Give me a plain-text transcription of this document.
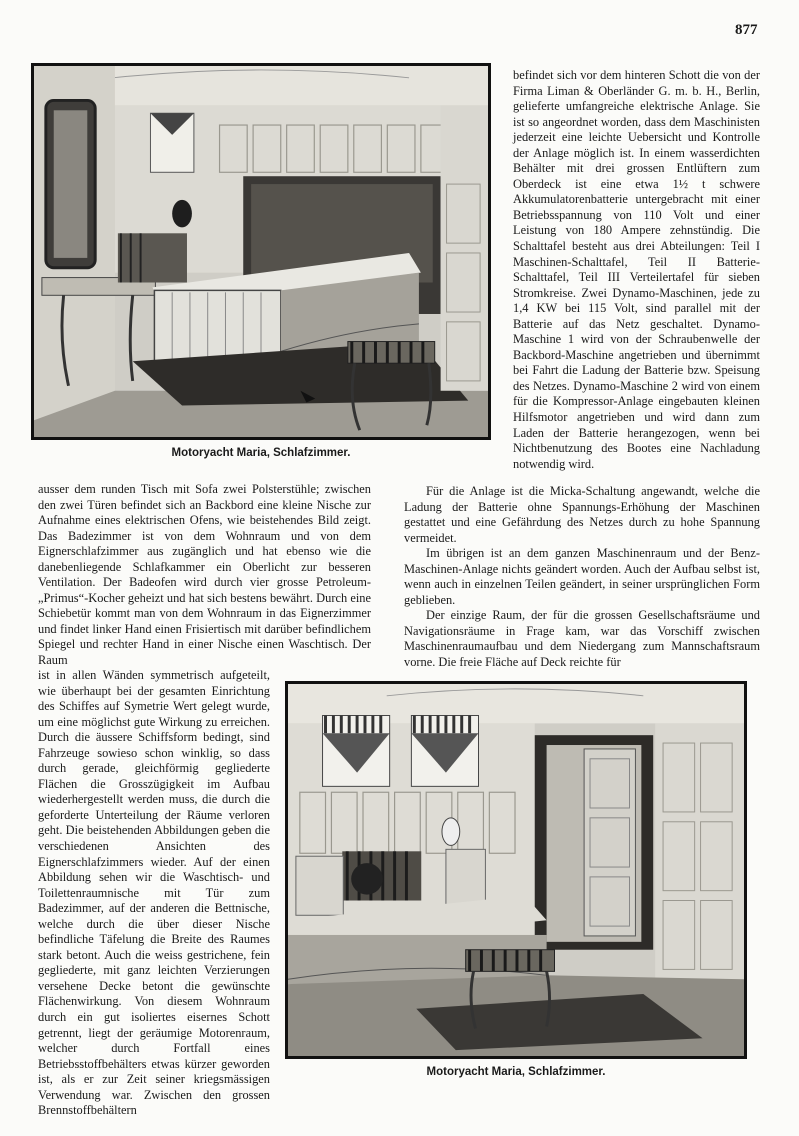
877
Motoryacht Maria, Schlafzimmer.

befindet sich vor dem hinteren Schott die von der Firma Liman & Oberländer G. m. b. H., Berlin, gelieferte umfangreiche elektrische Anlage. Sie ist so angeordnet worden, dass dem Maschinisten jederzeit eine leichte Uebersicht und Kontrolle der Anlage möglich ist. In einem wasserdichten Behälter mit drei grossen Entlüftern zum Oberdeck ist eine etwa 1½ t schwere Akkumulatorenbatterie untergebracht mit einer Betriebsspannung von 110 Volt und einer Leistung von 180 Ampere zehnstündig. Die Schalttafel besteht aus drei Abteilungen: Teil I Maschinen-Schalttafel, Teil II Batterie-Schalttafel, Teil III Verteilertafel für sieben Stromkreise. Zwei Dynamo-Maschinen, jede zu 1,4 KW bei 115 Volt, sind parallel mit der Batterie auf das Netz geschaltet. Dynamo-Maschine 1 wird von der Schraubenwelle der Backbord-Maschine angetrieben und übernimmt bei Fahrt die Ladung der Batterie bzw. Speisung des Netzes. Dynamo-Maschine 2 wird von einem für die Kompressor-Anlage eingebauten kleinen Hilfsmotor angetrieben und wird dann zum Laden der Batterie herangezogen, wenn bei Nichtbenutzung des Bootes eine Nachladung notwendig wird.

Für die Anlage ist die Micka-Schaltung angewandt, welche die Ladung der Batterie ohne Spannungs-Erhöhung der Maschinen gestattet und eine Gefährdung des Netzes durch zu hohe Spannung vermeidet.

Im übrigen ist an dem ganzen Maschinenraum und der Benz-Maschinen-Anlage nichts geändert worden. Auch der Aufbau selbst ist, wenn auch in einzelnen Teilen geändert, in seiner ursprünglichen Form geblieben.

Der einzige Raum, der für die grossen Gesellschaftsräume und Navigationsräume in Frage kam, war das Vorschiff zwischen Maschinenraumaufbau und dem Niedergang zum Mannschaftsraum vorne. Die freie Fläche auf Deck reichte für

ausser dem runden Tisch mit Sofa zwei Polsterstühle; zwischen den zwei Türen befindet sich an Backbord eine kleine Nische zur Aufnahme eines elektrischen Ofens, wie beistehendes Bild zeigt. Das Badezimmer ist von dem Wohnraum und von dem Eignerschlafzimmer aus zugänglich und hat ebenso wie die danebenliegende Schlafkammer ein Oberlicht zur besseren Ventilation. Der Badeofen wird durch vier grosse Petroleum-„Primus“-Kocher geheizt und hat sich bestens bewährt. Durch eine Schiebetür kommt man von dem Wohnraum in das Eignerzimmer und findet linker Hand einen Frisiertisch mit darüber befindlichem Spiegel und rechter Hand in einer Nische einen Waschtisch. Der Raum

ist in allen Wänden symmetrisch aufgeteilt, wie überhaupt bei der gesamten Einrichtung des Schiffes auf Symetrie Wert gelegt wurde, um eine möglichst gute Wirkung zu erreichen. Durch die äussere Schiffsform bedingt, sind Fahrzeuge sowieso schon winklig, so dass durch gerade, gleichförmig gegliederte Flächen die Grosszügigkeit im Aufbau wiederhergestellt werden muss, die durch die geforderte Unterteilung der Räume verloren geht. Die beistehenden Abbildungen geben die verschiedenen Ansichten des Eignerschlafzimmers wieder. Auf der einen Abbildung sehen wir die Waschtisch- und Toilettenraumnische mit Tür zum Badezimmer, auf der anderen die Bettnische, welche durch die über dieser Nische befindliche Täfelung die Breite des Raumes stark betont. Auch die weiss gestrichene, fein gegliederte, mit ganz leichten Verzierungen versehene Decke betont die gewünschte Flächenwirkung. Von diesem Wohnraum durch ein gut isoliertes eisernes Schott getrennt, liegt der geräumige Motorenraum, welcher durch Fortfall eines Betriebsstoffbehälters etwas kürzer geworden ist, als er zur Zeit seiner kriegsmässigen Verwendung war. Zwischen den grossen Brennstoffbehältern

Motoryacht Maria, Schlafzimmer.
